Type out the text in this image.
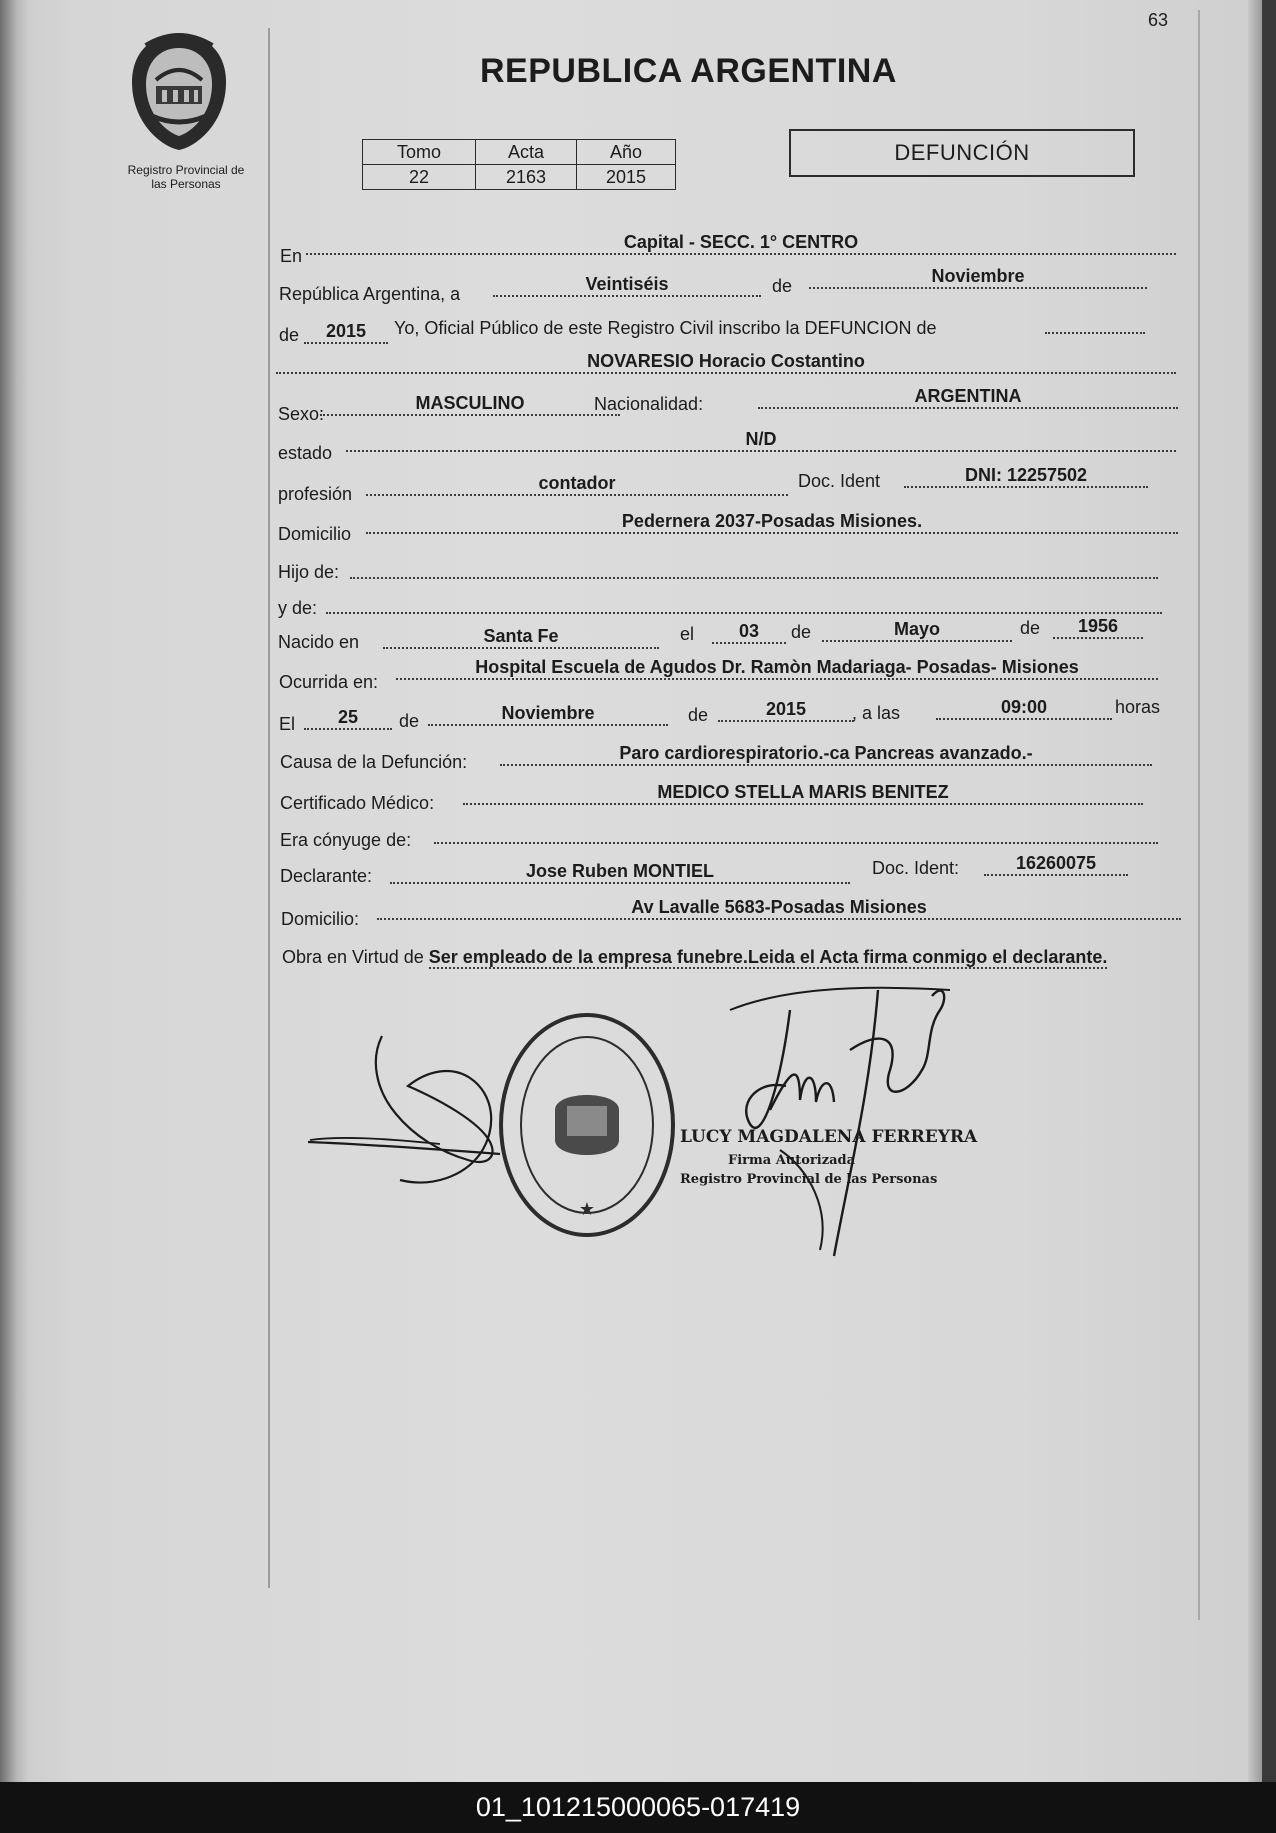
63
Registro Provincial de
las Personas
REPUBLICA ARGENTINA
Tomo	Acta	Año
22	2163	2015
DEFUNCIÓN
En
Capital - SECC. 1° CENTRO
República Argentina, a	Veintiséis	de	Noviembre
de	2015	Yo, Oficial Público de este Registro Civil inscribo la DEFUNCION de
NOVARESIO Horacio Costantino
Sexo:
MASCULINO	Nacionalidad:	ARGENTINA
estado
N/D
profesión
contador	Doc. Ident	DNI: 12257502
Domicilio
Pedernera 2037-Posadas Misiones.
Hijo de:
y de:
Nacido en	Santa Fe	el	03	de	Mayo	de	1956
Ocurrida en:
Hospital Escuela de Agudos Dr. Ramòn Madariaga- Posadas- Misiones
El	25	de	Noviembre	de	2015	, a las	09:00	horas
Causa de la Defunción:	Paro cardiorespiratorio.-ca Pancreas avanzado.-
Certificado Médico:
MEDICO STELLA MARIS BENITEZ
Era cónyuge de:
Declarante:	Jose Ruben MONTIEL	Doc. Ident:	16260075
Domicilio:
Av Lavalle 5683-Posadas Misiones
Obra en Virtud de Ser empleado de la empresa funebre.Leida el Acta firma conmigo el declarante.
★
LUCY MAGDALENA FERREYRA
Firma Autorizada
Registro Provincial de las Personas
01_101215000065-017419
